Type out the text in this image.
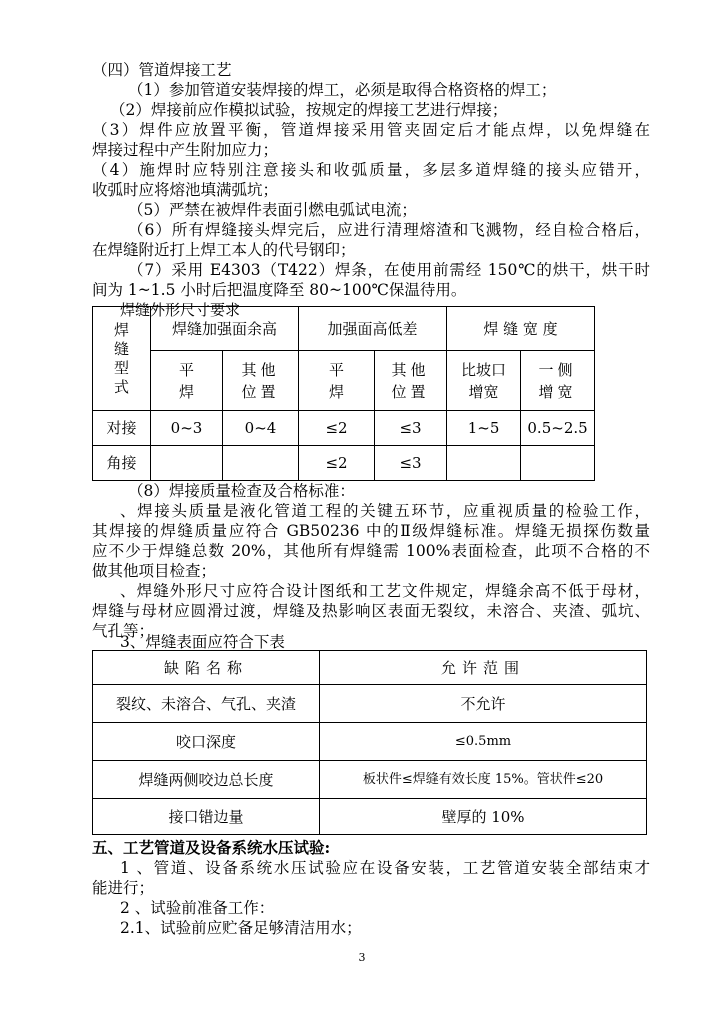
（四）管道焊接工艺
（1）参加管道安装焊接的焊工，必须是取得合格资格的焊工；
（2）焊接前应作模拟试验，按规定的焊接工艺进行焊接；
（3）焊件应放置平衡，管道焊接采用管夹固定后才能点焊，以免焊缝在
焊接过程中产生附加应力；
（4）施焊时应特别注意接头和收弧质量，多层多道焊缝的接头应错开，
收弧时应将熔池填满弧坑；
（5）严禁在被焊件表面引燃电弧试电流；
（6）所有焊缝接头焊完后，应进行清理熔渣和飞溅物，经自检合格后，
在焊缝附近打上焊工本人的代号钢印；
（7）采用 E4303（T422）焊条，在使用前需经 150℃的烘干，烘干时
间为 1~1.5 小时后把温度降至 80~100℃保温待用。
焊缝外形尺寸要求
焊缝型式	焊缝加强面余高		加强面高低差		焊 缝 宽 度	

	平焊	其他位置	平焊	其他位置	比坡口增宽	一侧增宽

对接	0~3	0~4	≤2	≤3	1~5	0.5~2.5
角接			≤2	≤3		
（8）焊接质量检查及合格标准：
、焊接头质量是液化管道工程的关键五环节，应重视质量的检验工作，
其焊接的焊缝质量应符合 GB50236 中的Ⅱ级焊缝标准。焊缝无损探伤数量
应不少于焊缝总数 20%，其他所有焊缝需 100%表面检查，此项不合格的不
做其他项目检查；
、焊缝外形尺寸应符合设计图纸和工艺文件规定，焊缝余高不低于母材，
焊缝与母材应圆滑过渡，焊缝及热影响区表面无裂纹，未溶合、夹渣、弧坑、
气孔等；
3、焊缝表面应符合下表
缺陷名称	允许范围
裂纹、未溶合、气孔、夹渣	不允许
咬口深度	≤0.5mm
焊缝两侧咬边总长度	板状件≤焊缝有效长度 15%。管状件≤20
接口错边量	壁厚的 10%
五、工艺管道及设备系统水压试验:
1 、管道、设备系统水压试验应在设备安装，工艺管道安装全部结束才
能进行；
2 、试验前准备工作：
2.1、试验前应贮备足够清洁用水；
3
